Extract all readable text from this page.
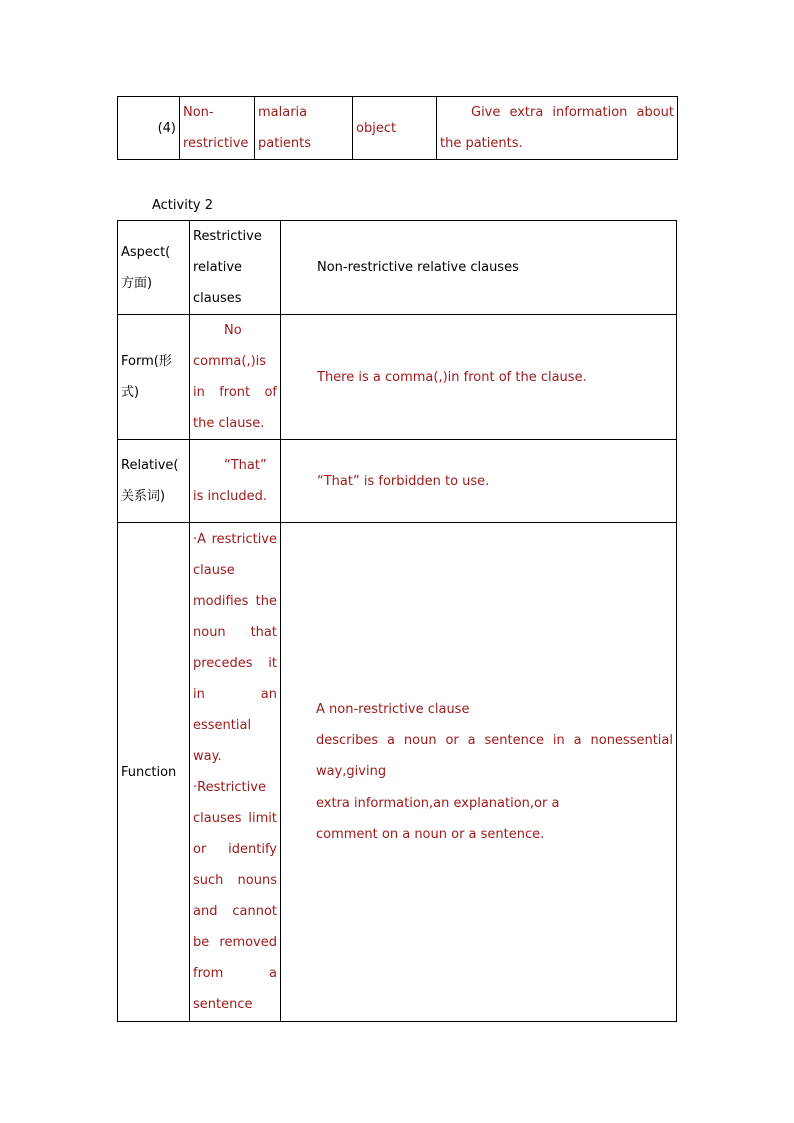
(4)	Non-restrictive	malaria patients	object	Give extra information about the patients.
Activity 2
Aspect( 方面)	Restrictive relative clauses	Non-restrictive relative clauses
Form(形式)	No comma(,)is in front of the clause.	There is a comma(,)in front of the clause.
Relative(关系词)	“That” is included.	“That” is forbidden to use.
Function	·A restrictive clause modifies the noun that precedes it in an essential way.
·Restrictive clauses limit or identify such nouns and cannot be removed from a sentence	A non-restrictive clause
describes a noun or a sentence in a nonessential way,giving
extra information,an explanation,or a
comment on a noun or a sentence.
